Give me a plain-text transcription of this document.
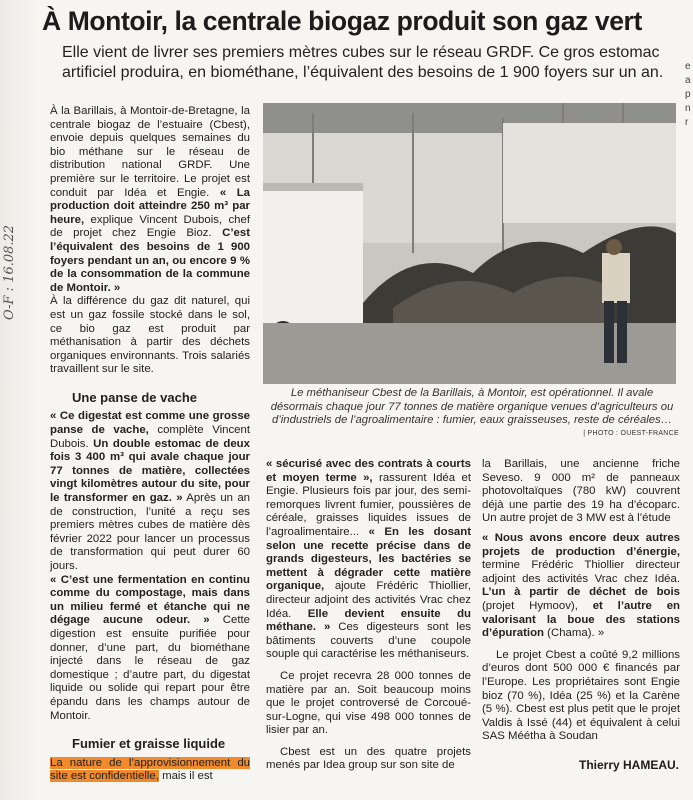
O-F : 16.08.22
e a p n r
À Montoir, la centrale biogaz produit son gaz vert
Elle vient de livrer ses premiers mètres cubes sur le réseau GRDF. Ce gros estomac artificiel produira, en biométhane, l’équivalent des besoins de 1 900 foyers sur un an.

À la Barillais, à Montoir-de-Bretagne, la centrale biogaz de l’estuaire (Cbest), envoie depuis quelques semaines du bio méthane sur le réseau de distribution national GRDF. Une première sur le territoire. Le projet est conduit par Idéa et Engie. « La production doit atteindre 250 m³ par heure, explique Vincent Dubois, chef de projet chez Engie Bioz. C’est l’équivalent des besoins de 1 900 foyers pendant un an, ou encore 9 % de la consommation de la commune de Montoir. »

À la différence du gaz dit naturel, qui est un gaz fossile stocké dans le sol, ce bio gaz est produit par méthanisation à partir des déchets organiques environnants. Trois salariés travaillent sur le site.

Une panse de vache

« Ce digestat est comme une grosse panse de vache, complète Vincent Dubois. Un double estomac de deux fois 3 400 m³ qui avale chaque jour 77 tonnes de matière, collectées vingt kilomètres autour du site, pour le transformer en gaz. » Après un an de construction, l’unité a reçu ses premiers mètres cubes de matière dès février 2022 pour lancer un processus de transformation qui peut durer 60 jours.

« C’est une fermentation en continu comme du compostage, mais dans un milieu fermé et étanche qui ne dégage aucune odeur. » Cette digestion est ensuite purifiée pour donner, d’une part, du biométhane injecté dans le réseau de gaz domestique ; d’autre part, du digestat liquide ou solide qui repart pour être épandu dans les champs autour de Montoir.

Fumier et graisse liquide

La nature de l’approvisionnement du site est confidentielle, mais il est

Le méthaniseur Cbest de la Barillais, à Montoir, est opérationnel. Il avale désormais chaque jour 77 tonnes de matière organique venues d’agriculteurs ou d’industriels de l’agroalimentaire : fumier, eaux graisseuses, reste de céréales…
| PHOTO : OUEST-FRANCE

« sécurisé avec des contrats à courts et moyen terme », rassurent Idéa et Engie. Plusieurs fois par jour, des semi-remorques livrent fumier, poussières de céréale, graisses liquides issues de l’agroalimentaire... « En les dosant selon une recette précise dans de grands digesteurs, les bactéries se mettent à dégrader cette matière organique, ajoute Frédéric Thiollier, directeur adjoint des activités Vrac chez Idéa. Elle devient ensuite du méthane. » Ces digesteurs sont les bâtiments couverts d’une coupole souple qui caractérise les méthaniseurs.

Ce projet recevra 28 000 tonnes de matière par an. Soit beaucoup moins que le projet controversé de Corcoué-sur-Logne, qui vise 498 000 tonnes de lisier par an.

Cbest est un des quatre projets menés par Idea group sur son site de

la Barillais, une ancienne friche Seveso. 9 000 m² de panneaux photovoltaïques (780 kW) couvrent déjà une partie des 19 ha d’écoparc. Un autre projet de 3 MW est à l’étude

« Nous avons encore deux autres projets de production d’énergie, termine Frédéric Thiollier directeur adjoint des activités Vrac chez Idéa. L’un à partir de déchet de bois (projet Hymoov), et l’autre en valorisant la boue des stations d’épuration (Chama). »

Le projet Cbest a coûté 9,2 millions d’euros dont 500 000 € financés par l’Europe. Les propriétaires sont Engie bioz (70 %), Idéa (25 %) et la Carène (5 %). Cbest est plus petit que le projet Valdis à Issé (44) et équivalent à celui SAS Méétha à Soudan

Thierry HAMEAU.
